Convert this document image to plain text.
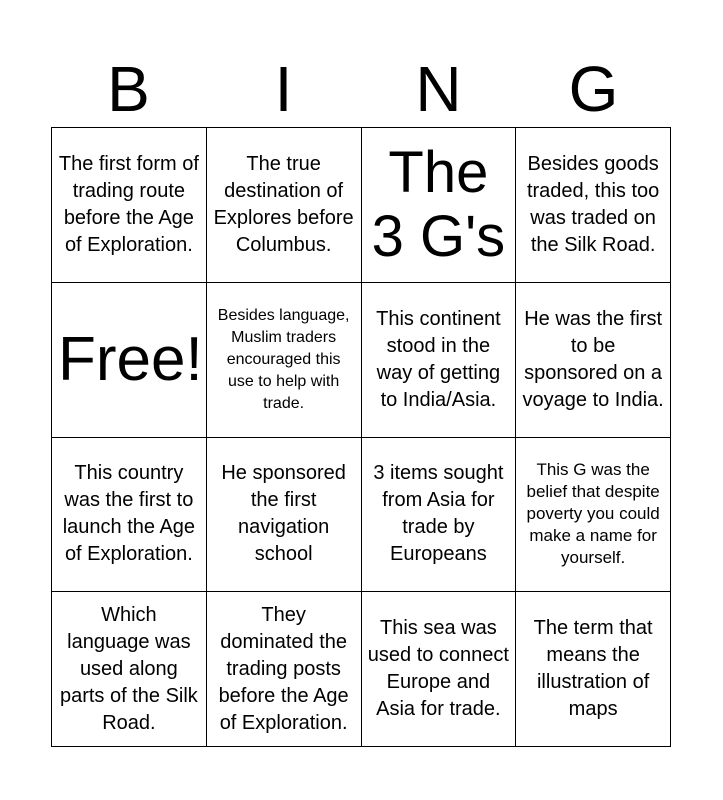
B	I	N	G
The first form of trading route before the Age of Exploration.
The true destination of Explores before Columbus.
The 3 G's
Besides goods traded, this too was traded on the Silk Road.
Free!
Besides language, Muslim traders encouraged this use to help with trade.
This continent stood in the way of getting to India/Asia.
He was the first to be sponsored on a voyage to India.
This country was the first to launch the Age of Exploration.
He sponsored the first navigation school
3 items sought from Asia for trade by Europeans
This G was the belief that despite poverty you could make a name for yourself.
Which language was used along parts of the Silk Road.
They dominated the trading posts before the Age of Exploration.
This sea was used to connect Europe and Asia for trade.
The term that means the illustration of maps
